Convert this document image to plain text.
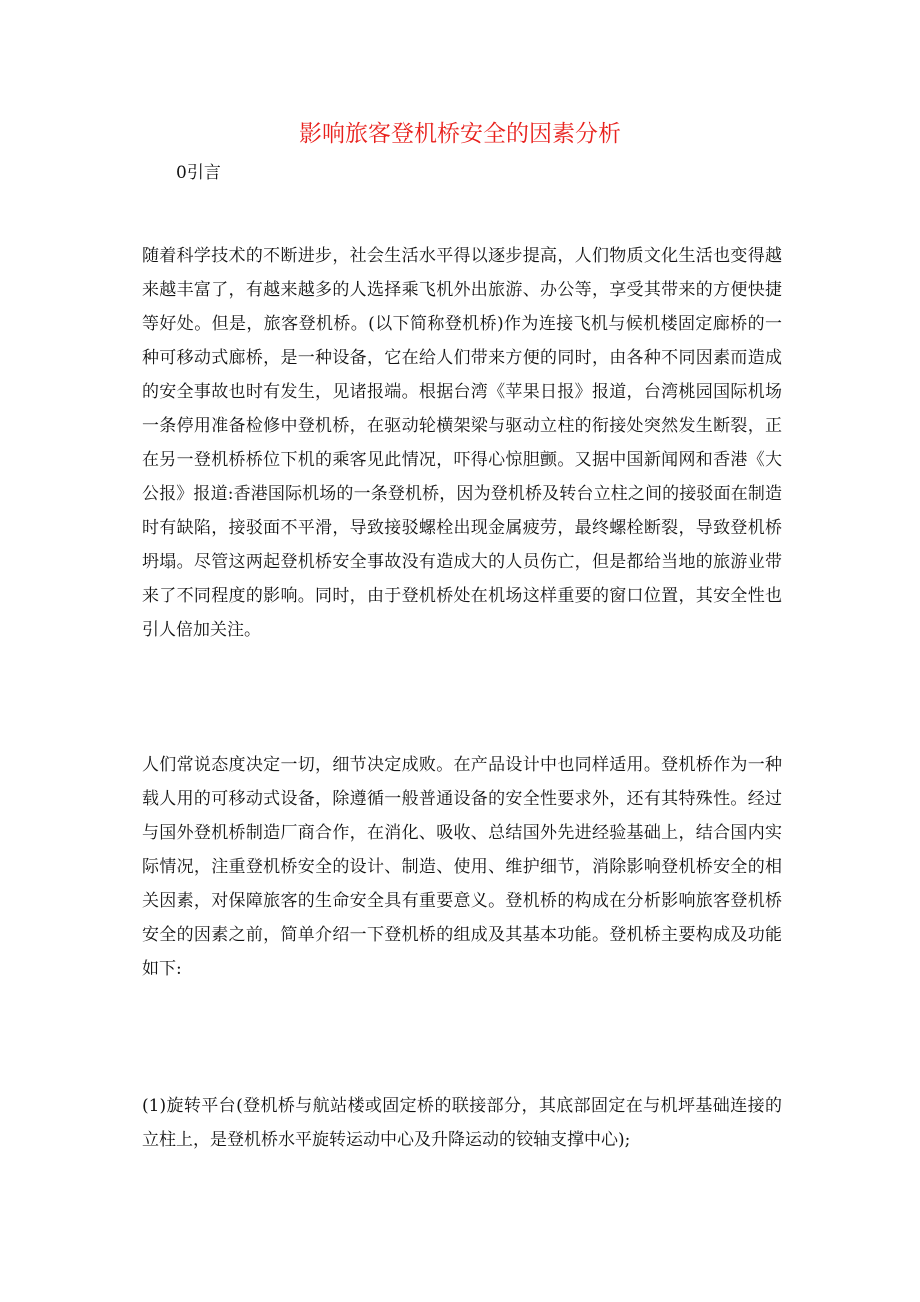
影响旅客登机桥安全的因素分析
0引言

随着科学技术的不断进步，社会生活水平得以逐步提高，人们物质文化生活也变得越来越丰富了，有越来越多的人选择乘飞机外出旅游、办公等，享受其带来的方便快捷等好处。但是，旅客登机桥。(以下简称登机桥)作为连接飞机与候机楼固定廊桥的一种可移动式廊桥，是一种设备，它在给人们带来方便的同时，由各种不同因素而造成的安全事故也时有发生，见诸报端。根据台湾《苹果日报》报道，台湾桃园国际机场一条停用准备检修中登机桥，在驱动轮横架梁与驱动立柱的衔接处突然发生断裂，正在另一登机桥桥位下机的乘客见此情况，吓得心惊胆颤。又据中国新闻网和香港《大公报》报道:香港国际机场的一条登机桥，因为登机桥及转台立柱之间的接驳面在制造时有缺陷，接驳面不平滑，导致接驳螺栓出现金属疲劳，最终螺栓断裂，导致登机桥坍塌。尽管这两起登机桥安全事故没有造成大的人员伤亡，但是都给当地的旅游业带来了不同程度的影响。同时，由于登机桥处在机场这样重要的窗口位置，其安全性也引人倍加关注。

人们常说态度决定一切，细节决定成败。在产品设计中也同样适用。登机桥作为一种载人用的可移动式设备，除遵循一般普通设备的安全性要求外，还有其特殊性。经过与国外登机桥制造厂商合作，在消化、吸收、总结国外先进经验基础上，结合国内实际情况，注重登机桥安全的设计、制造、使用、维护细节，消除影响登机桥安全的相关因素，对保障旅客的生命安全具有重要意义。登机桥的构成在分析影响旅客登机桥安全的因素之前，简单介绍一下登机桥的组成及其基本功能。登机桥主要构成及功能如下:

(1)旋转平台(登机桥与航站楼或固定桥的联接部分，其底部固定在与机坪基础连接的立柱上，是登机桥水平旋转运动中心及升降运动的铰轴支撑中心);
